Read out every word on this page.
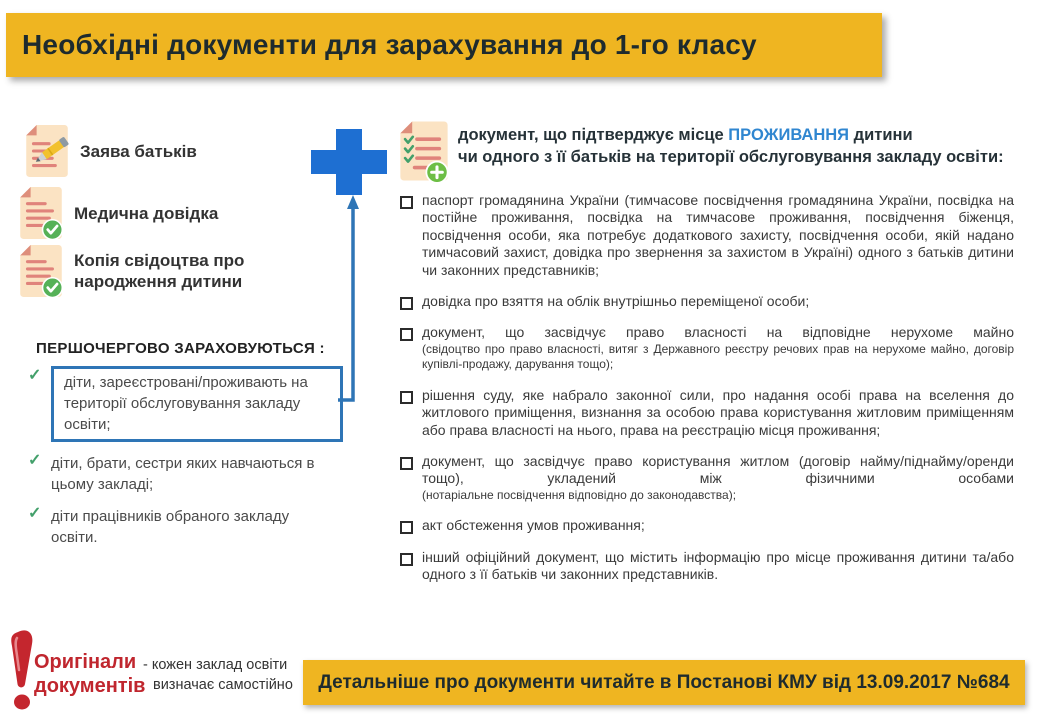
Необхідні документи для зарахування до 1-го класу
Заява батьків
Медична довідка
Копія свідоцтва про народження дитини
ПЕРШОЧЕРГОВО ЗАРАХОВУЮТЬСЯ :
✓	діти, зареєстровані/проживають на території обслуговування закладу освіти;
✓ діти, брати, сестри яких навчаються в цьому закладі;
✓ діти працівників обраного закладу освіти.
документ, що підтверджує місце ПРОЖИВАННЯ дитини
чи одного з її батьків на території обслуговування закладу освіти:
паспорт громадянина України (тимчасове посвідчення громадянина України, посвідка на постійне проживання, посвідка на тимчасове проживання, посвідчення біженця, посвідчення особи, яка потребує додаткового захисту, посвідчення особи, якій надано тимчасовий захист, довідка про звернення за захистом в Україні) одного з батьків дитини чи законних представників;
довідка про взяття на облік внутрішньо переміщеної особи;
документ, що засвідчує право власності на відповідне нерухоме майно
(свідоцтво про право власності, витяг з Державного реєстру речових прав на нерухоме майно, договір купівлі-продажу, дарування тощо);
рішення суду, яке набрало законної сили, про надання особі права на вселення до житлового приміщення, визнання за особою права користування житловим приміщенням або права власності на нього, права на реєстрацію місця проживання;
документ, що засвідчує право користування житлом (договір найму/піднайму/оренди тощо), укладений між фізичними особами
(нотаріальне посвідчення відповідно до законодавства);
акт обстеження умов проживання;
інший офіційний документ, що містить інформацію про місце проживання дитини та/або одного з її батьків чи законних представників.
Оригінали
документів
- кожен заклад освіти
визначає самостійно Детальніше про документи читайте в Постанові КМУ від 13.09.2017 №684
